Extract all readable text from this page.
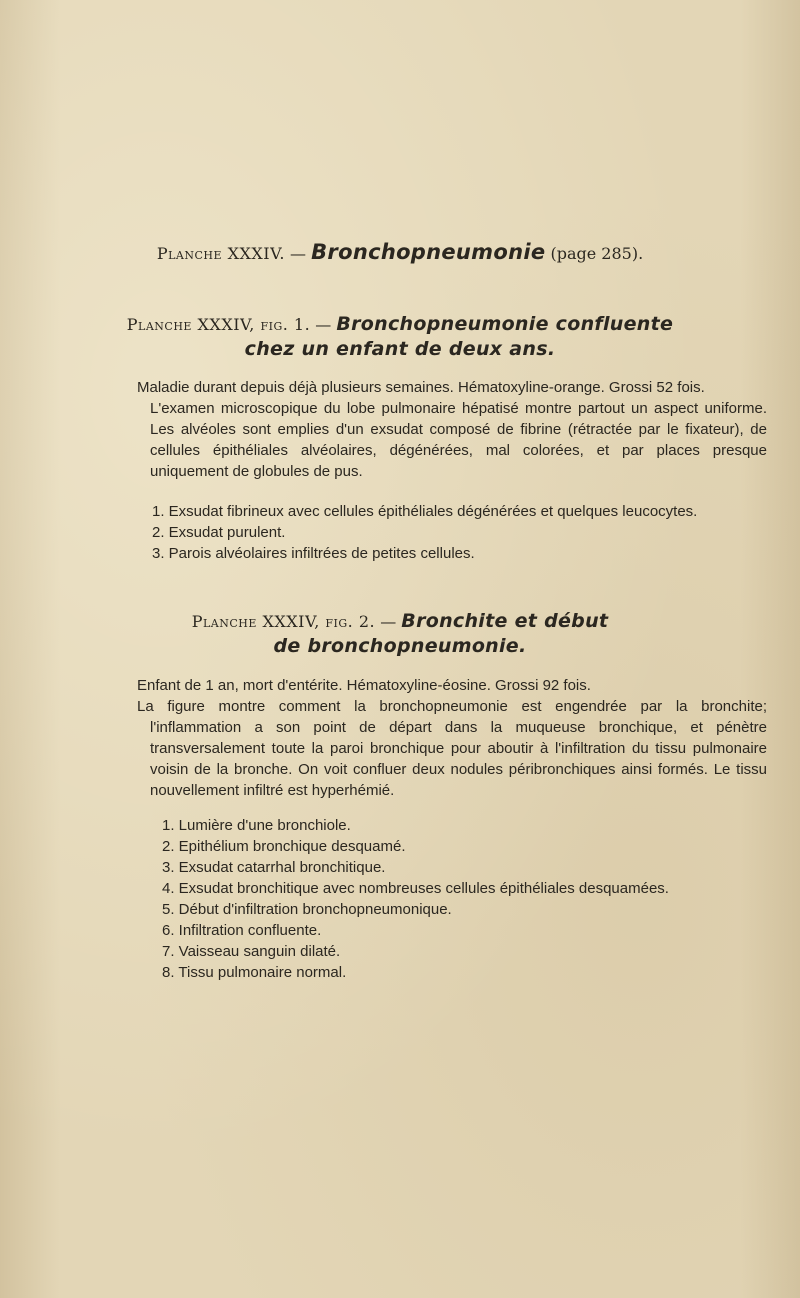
Planche XXXIV. — Bronchopneumonie (page 285).
Planche XXXIV, fig. 1. — Bronchopneumonie confluente
chez un enfant de deux ans.

Maladie durant depuis déjà plusieurs semaines. Hématoxyline-orange. Grossi 52 fois.

L'examen microscopique du lobe pulmonaire hépatisé montre partout un aspect uniforme. Les alvéoles sont emplies d'un exsudat composé de fibrine (rétractée par le fixateur), de cellules épithéliales alvéolaires, dégénérées, mal colorées, et par places presque uniquement de globules de pus.

1. Exsudat fibrineux avec cellules épithéliales dégénérées et quelques leucocytes.
2. Exsudat purulent.
3. Parois alvéolaires infiltrées de petites cellules.
Planche XXXIV, fig. 2. — Bronchite et début
de bronchopneumonie.

Enfant de 1 an, mort d'entérite. Hématoxyline-éosine. Grossi 92 fois.

La figure montre comment la bronchopneumonie est engendrée par la bronchite; l'inflammation a son point de départ dans la muqueuse bronchique, et pénètre transversalement toute la paroi bronchique pour aboutir à l'infiltration du tissu pulmonaire voisin de la bronche. On voit confluer deux nodules péribronchiques ainsi formés. Le tissu nouvellement infiltré est hyperhémié.

1. Lumière d'une bronchiole.
2. Epithélium bronchique desquamé.
3. Exsudat catarrhal bronchitique.
4. Exsudat bronchitique avec nombreuses cellules épithéliales desquamées.
5. Début d'infiltration bronchopneumonique.
6. Infiltration confluente.
7. Vaisseau sanguin dilaté.
8. Tissu pulmonaire normal.
